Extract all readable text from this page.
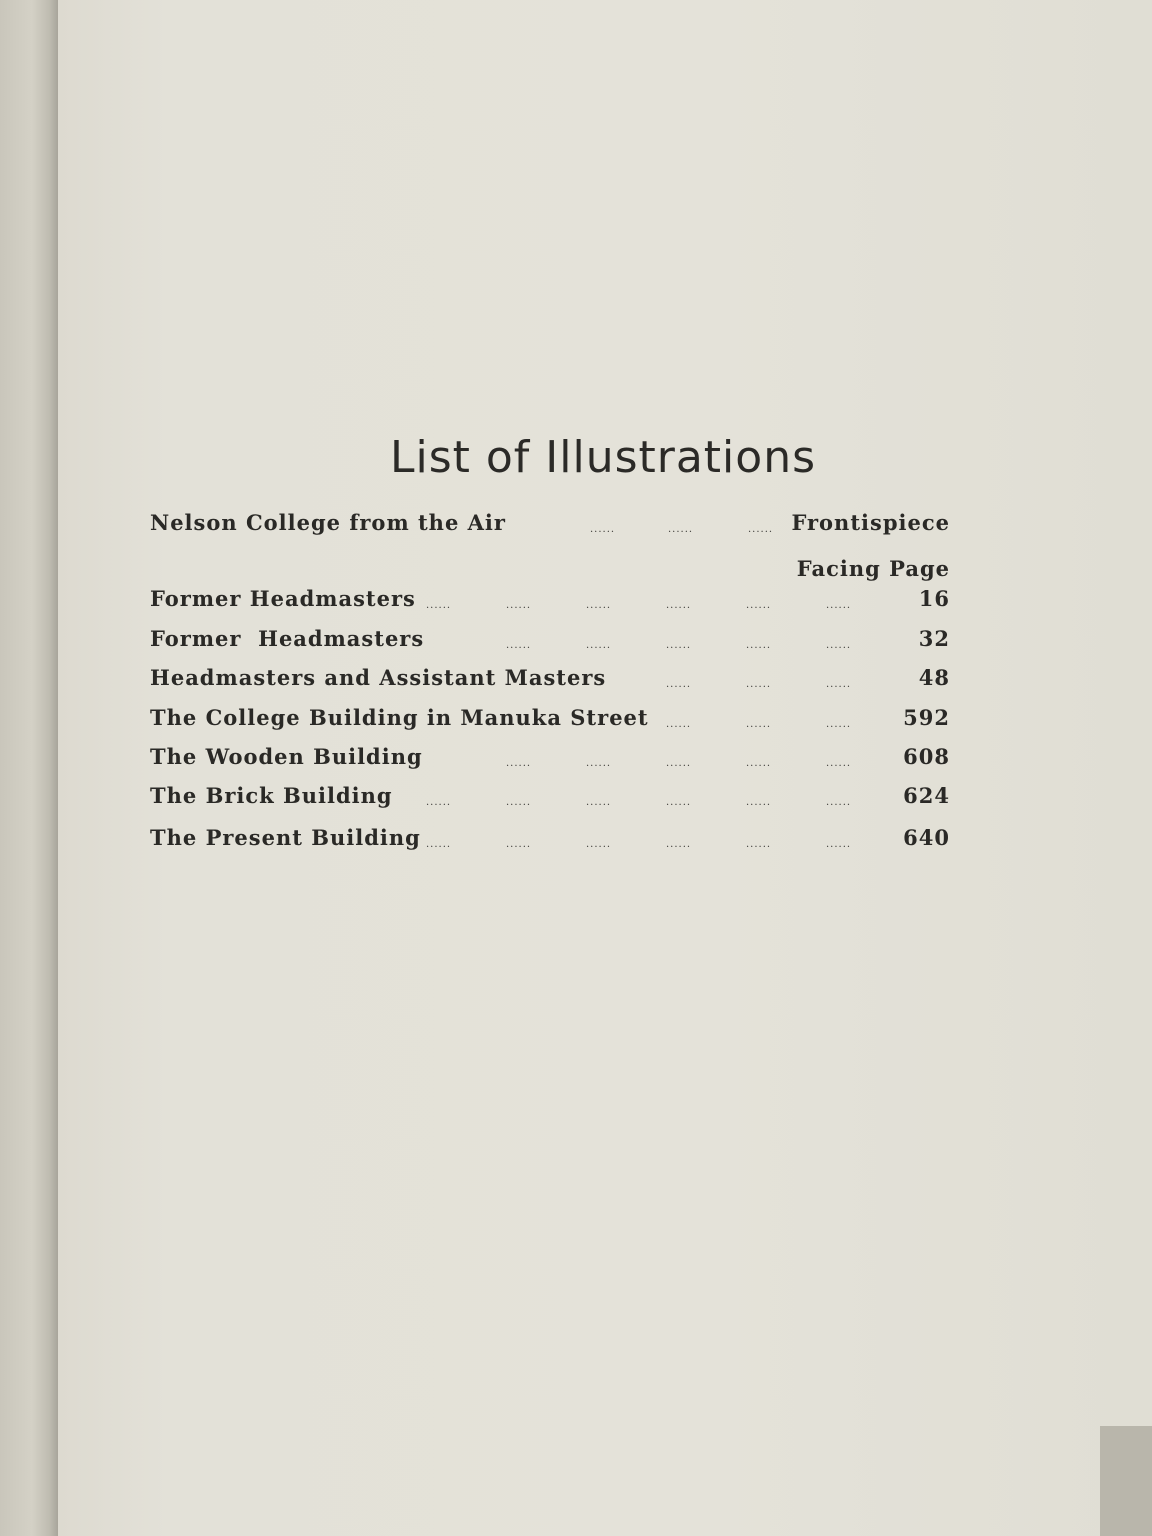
List of Illustrations
Nelson College from the Air	......	......	...... Frontispiece
Facing Page
Former Headmasters ......	......	......	......	......	......	16
Former  Headmasters	......	......	......	......	......	32
Headmasters and Assistant Masters	......	......	......	48
The College Building in Manuka Street ......	......	...... 592
The Wooden Building	......	......	......	......	...... 608
The Brick Building	......	......	......	......	......	...... 624
The Present Building ......	......	......	......	......	...... 640
